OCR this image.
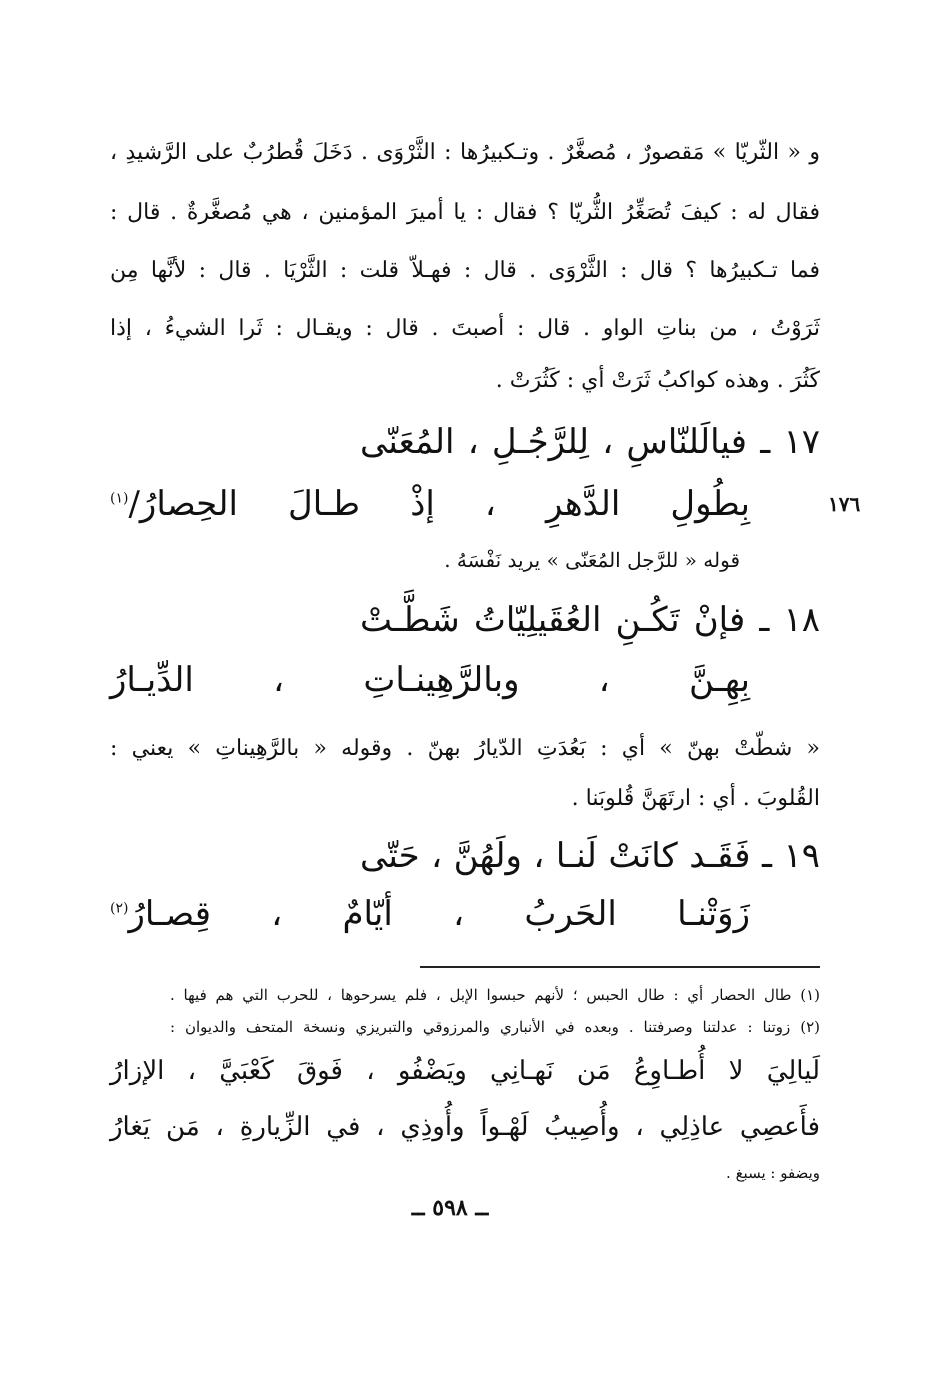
و « الثّريّا » مَقصورٌ ، مُصغَّرٌ . وتـكبيرُها : الثَّرْوَى . دَخَلَ قُطرُبٌ على الرَّشيدِ ،
فقال له : كيفَ تُصَغِّرُ الثُّريّا ؟ فقال : يا أميرَ المؤمنين ، هي مُصغَّرةٌ . قال :
فما تـكبيرُها ؟ قال : الثَّرْوَى . قال : فهـلاّ قلت : الثَّرْيَا . قال : لأنَّها مِن
ثَرَوْتُ ، من بناتِ الواو . قال : أصبتَ . قال : ويقـال : ثَرا الشيءُ ، إذا
كَثُرَ . وهذه كواكبُ ثَرَتْ أي : كَثُرَتْ .
١٧ ـ فيالَلنّاسِ ، لِلرَّجُـلِ ، المُعَنّى
بِطُولِ الدَّهرِ ، إذْ طـالَ الحِصارُ/$^{(١)}$	١٧٦
قوله « للرَّجل المُعَنّى » يريد نَفْسَهُ .
١٨ ـ فإنْ تَكُـنِ العُقَيلِيّاتُ شَطَّـتْ
بِهِـنَّ ، وبالرَّهِينـاتِ ، الدِّيـارُ
« شطّتْ بهنّ » أي : بَعُدَتِ الدّيارُ بهنّ . وقوله « بالرَّهِيناتِ » يعني :
القُلوبَ . أي : ارتَهَنَّ قُلوبَنا .
١٩ ـ فَقَـد كانَتْ لَنـا ، ولَهُنَّ ، حَتّى
زَوَتْنـا الحَربُ ، أيّامٌ ، قِصـارُ$^{(٢)}$
(١) طال الحصار أي : طال الحبس ؛ لأنهم حبسوا الإبل ، فلم يسرحوها ، للحرب التي هم فيها .
(٢) زوتنا : عدلتنا وصرفتنا . وبعده في الأنباري والمرزوقي والتبريزي ونسخة المتحف والديوان :
لَيالِيَ لا أُطـاوِعُ مَن نَهـانِي ويَضْفُو ، فَوقَ كَعْبَيَّ ، الإزارُ
فأَعصِي عاذِلِي ، وأُصِيبُ لَهْـواً وأُوذِي ، في الزِّيارةِ ، مَن يَغارُ
ويضفو : يسبغ .
ــ ٥٩٨ ــ
